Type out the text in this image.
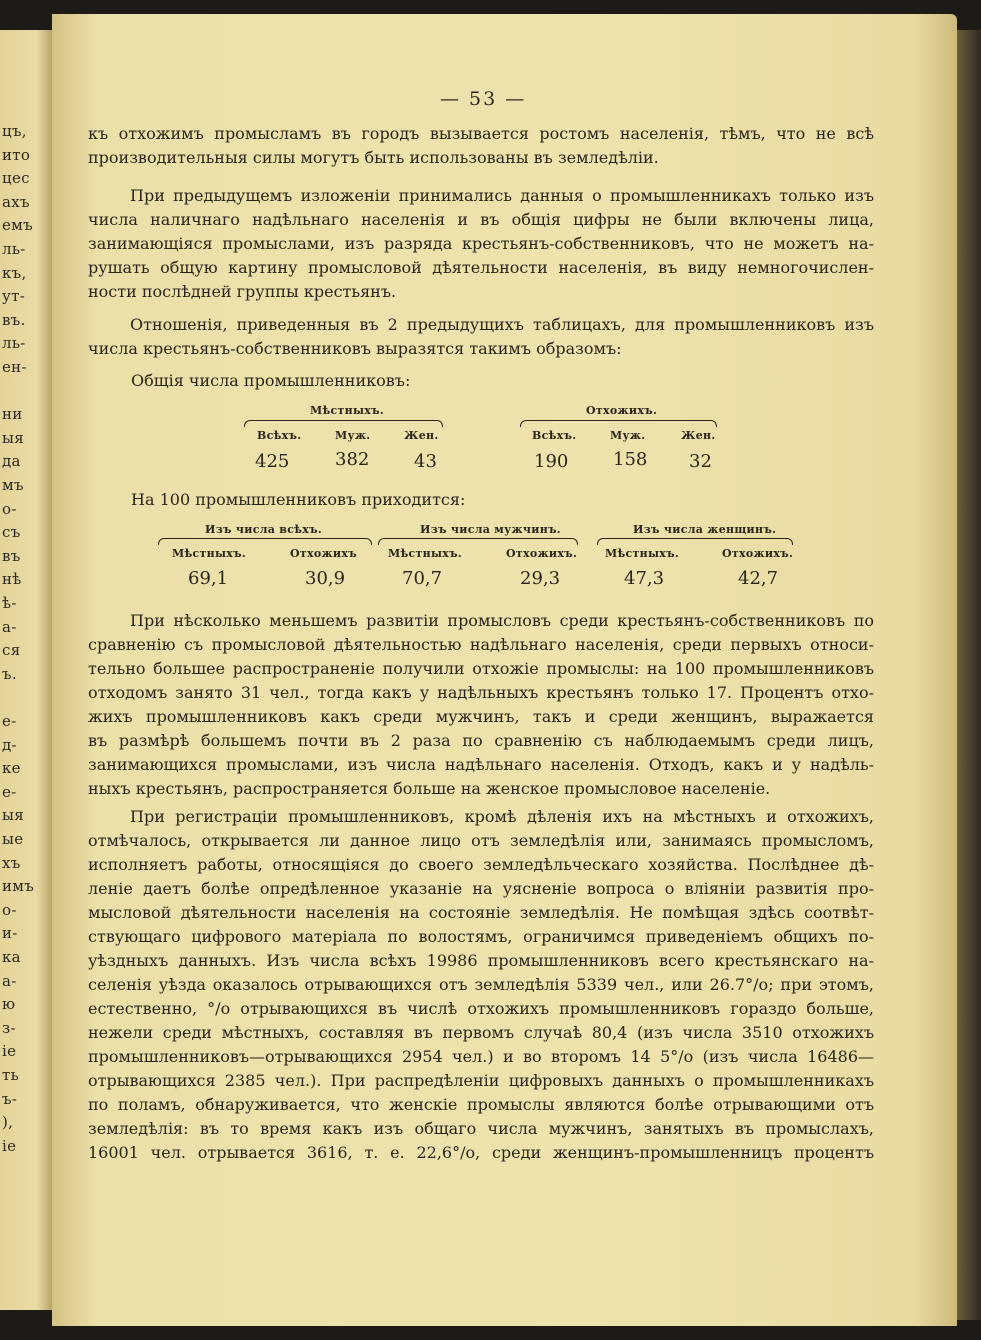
цъ,
ито
цес
ахъ
емъ
ль-
къ,
ут-
въ.
ль-
ен-
ни
ыя
да
мъ
о-
съ
въ
нѣ
ѣ-
а-
ся
ъ.
е-
д-
ке
е-
ыя
ые
хъ
имъ
о-
и-
ка
а-
ю
з-
іе
ть
ъ-
),
іе
— 53 —
къ отхожимъ промысламъ въ городъ вызывается ростомъ населенія, тѣмъ, что не всѣ
производительныя силы могутъ быть использованы въ земледѣліи.
При предыдущемъ изложеніи принимались данныя о промышленникахъ только изъ
числа наличнаго надѣльнаго населенія и въ общія цифры не были включены лица,
занимающіяся промыслами, изъ разряда крестьянъ-собственниковъ, что не можетъ на-
рушать общую картину промысловой дѣятельности населенія, въ виду немногочислен-
ности послѣдней группы крестьянъ.
Отношенія, приведенныя въ 2 предыдущихъ таблицахъ, для промышленниковъ изъ
числа крестьянъ-собственниковъ выразятся такимъ образомъ:
Общія числа промышленниковъ:
Мѣстныхъ.	Отхожихъ.
Всѣхъ.	Муж.	Жен.	Всѣхъ.	Муж.	Жен.
425	382 43	190 158 32
На 100 промышленниковъ приходится:
Изъ числа всѣхъ.	Изъ числа мужчинъ.	Изъ числа женщинъ.
Мѣстныхъ.	Отхожихъ	Мѣстныхъ.	Отхожихъ.	Мѣстныхъ.	Отхожихъ.
69,1	30,9	70,7	29,3	47,3	42,7
При нѣсколько меньшемъ развитіи промысловъ среди крестьянъ-собственниковъ по
сравненію съ промысловой дѣятельностью надѣльнаго населенія, среди первыхъ относи-
тельно большее распространеніе получили отхожіе промыслы: на 100 промышленниковъ
отходомъ занято 31 чел., тогда какъ у надѣльныхъ крестьянъ только 17. Процентъ отхо-
жихъ промышленниковъ какъ среди мужчинъ, такъ и среди женщинъ, выражается
въ размѣрѣ большемъ почти въ 2 раза по сравненію съ наблюдаемымъ среди лицъ,
занимающихся промыслами, изъ числа надѣльнаго населенія. Отходъ, какъ и у надѣль-
ныхъ крестьянъ, распространяется больше на женское промысловое населеніе.
При регистраціи промышленниковъ, кромѣ дѣленія ихъ на мѣстныхъ и отхожихъ,
отмѣчалось, открывается ли данное лицо отъ земледѣлія или, занимаясь промысломъ,
исполняетъ работы, относящіяся до своего земледѣльческаго хозяйства. Послѣднее дѣ-
леніе даетъ болѣе опредѣленное указаніе на уясненіе вопроса о вліяніи развитія про-
мысловой дѣятельности населенія на состояніе земледѣлія. Не помѣщая здѣсь соотвѣт-
ствующаго цифрового матеріала по волостямъ, ограничимся приведеніемъ общихъ по-
уѣздныхъ данныхъ. Изъ числа всѣхъ 19986 промышленниковъ всего крестьянскаго на-
селенія уѣзда оказалось отрывающихся отъ земледѣлія 5339 чел., или 26.7°/о; при этомъ,
естественно, °/о отрывающихся въ числѣ отхожихъ промышленниковъ гораздо больше,
нежели среди мѣстныхъ, составляя въ первомъ случаѣ 80,4 (изъ числа 3510 отхожихъ
промышленниковъ—отрывающихся 2954 чел.) и во второмъ 14 5°/о (изъ числа 16486—
отрывающихся 2385 чел.). При распредѣленіи цифровыхъ данныхъ о промышленникахъ
по поламъ, обнаруживается, что женскіе промыслы являются болѣе отрывающими отъ
земледѣлія: въ то время какъ изъ общаго числа мужчинъ, занятыхъ въ промыслахъ,
16001 чел. отрывается 3616, т. е. 22,6°/о, среди женщинъ-промышленницъ процентъ
